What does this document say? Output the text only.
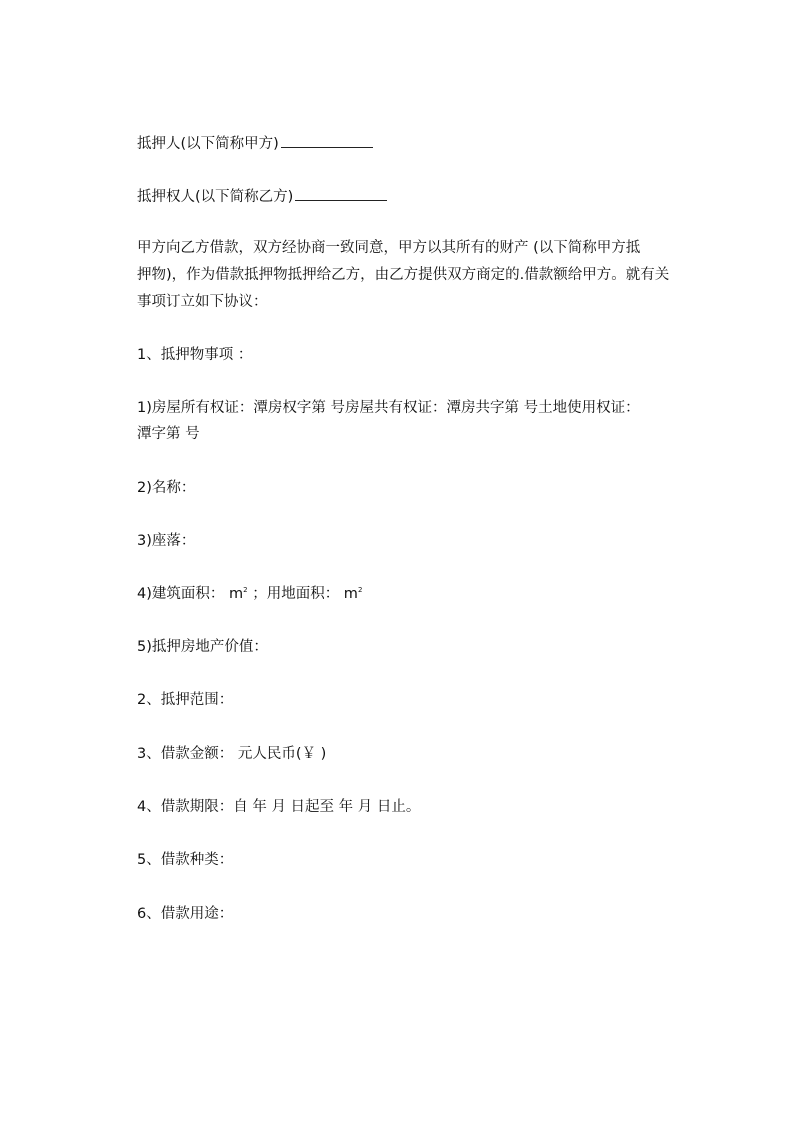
抵押人(以下简称甲方)
抵押权人(以下简称乙方)
甲方向乙方借款，双方经协商一致同意，甲方以其所有的财产 (以下简称甲方抵
押物)，作为借款抵押物抵押给乙方，由乙方提供双方商定的.借款额给甲方。就有关
事项订立如下协议：
1、抵押物事项 ：
1)房屋所有权证：潭房权字第 号房屋共有权证：潭房共字第 号土地使用权证：
潭字第 号
2)名称：
3)座落：
4)建筑面积： $m^2$ ；用地面积： $m^2$
5)抵押房地产价值：
2、抵押范围：
3、借款金额： 元人民币(￥ )
4、借款期限：自 年 月 日起至 年 月 日止。
5、借款种类：
6、借款用途：
